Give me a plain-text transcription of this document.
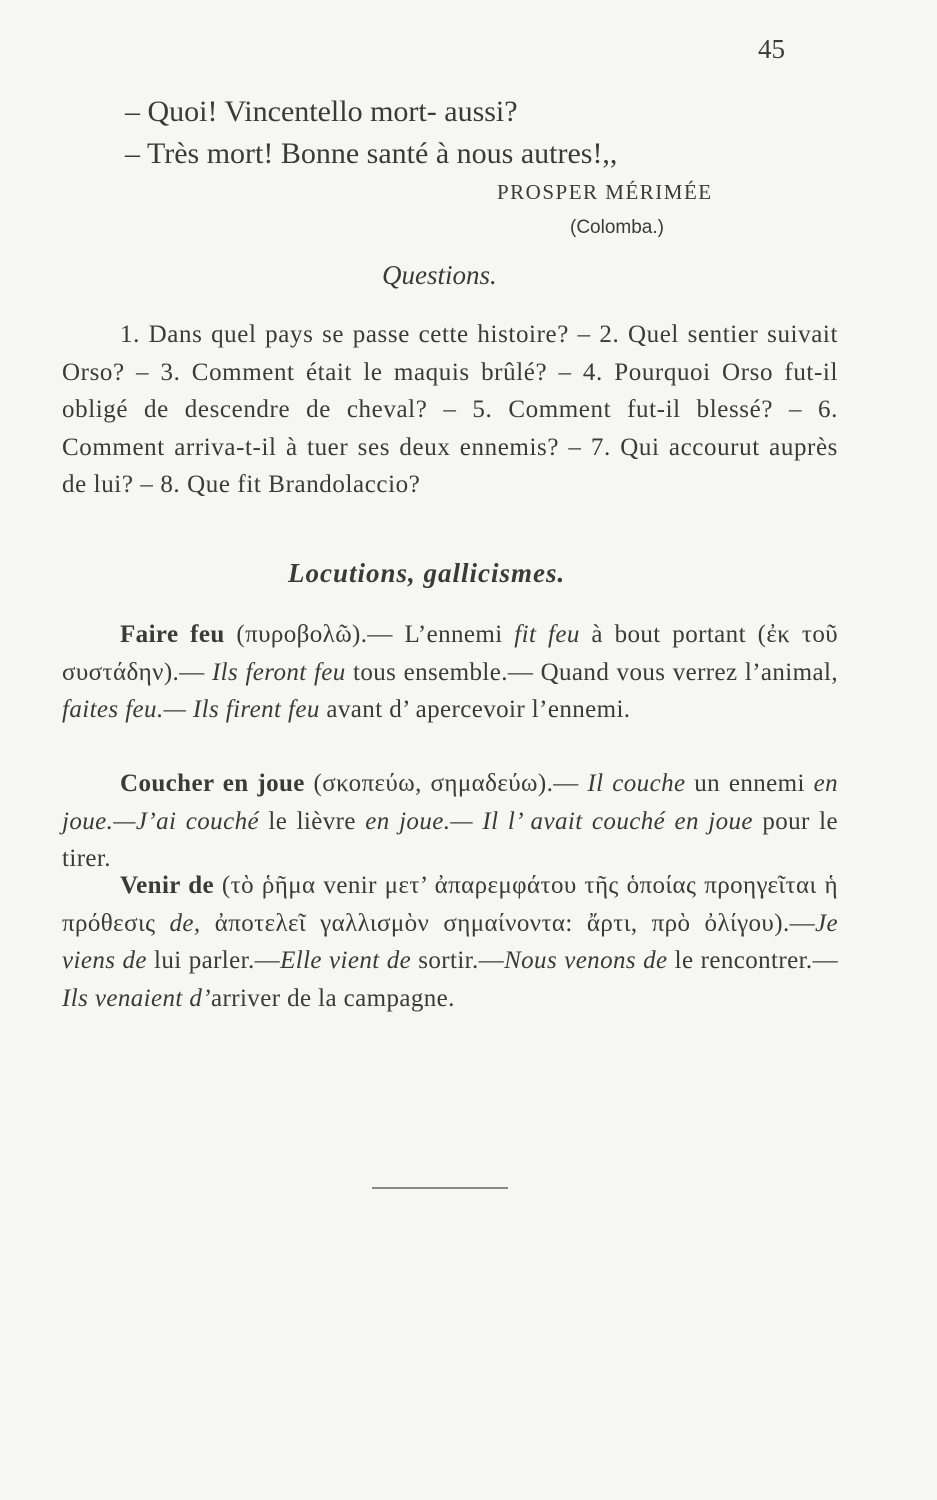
45
– Quoi! Vincentello mort- aussi?
– Très mort! Bonne santé à nous autres!,,
PROSPER MÉRIMÉE
(Colomba.)
Questions.
1. Dans quel pays se passe cette histoire? – 2. Quel sentier suivait Orso? – 3. Comment était le maquis brûlé? – 4. Pourquoi Orso fut-il obligé de descendre de cheval? – 5. Comment fut-il blessé? – 6. Comment arriva-t-il à tuer ses deux ennemis? – 7. Qui accourut auprès de lui? – 8. Que fit Brandolaccio?
Locutions, gallicismes.
Faire feu (πυροβολῶ).— L’ennemi fit feu à bout portant (ἐκ τοῦ συστάδην).— Ils feront feu tous ensemble.— Quand vous verrez l’animal, faites feu.— Ils firent feu avant d’ apercevoir l’ennemi.
Coucher en joue (σκοπεύω, σημαδεύω).— Il couche un ennemi en joue.—J’ai couché le lièvre en joue.— Il l’ avait couché en joue pour le tirer.
Venir de (τὸ ῥῆμα venir μετ’ ἀπαρεμφάτου τῆς ὁποίας προηγεῖται ἡ πρόθεσις de, ἀποτελεῖ γαλλισμὸν σημαίνοντα: ἄρτι, πρὸ ὀλίγου).—Je viens de lui parler.—Elle vient de sortir.—Nous venons de le rencontrer.—Ils venaient d’arriver de la campagne.
